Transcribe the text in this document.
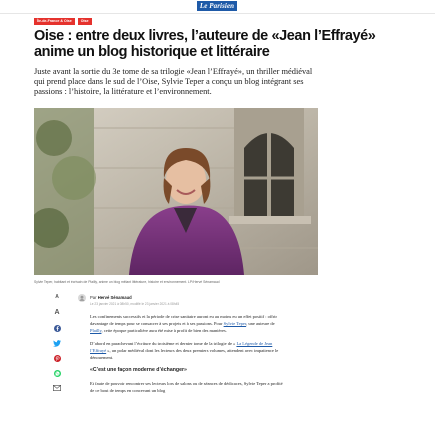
Le Parisien
Île-de-France & Oise	Oise
Oise : entre deux livres, l’auteure de «Jean l’Effrayé» anime un blog historique et littéraire

Juste avant la sortie du 3e tome de sa trilogie «Jean l’Effrayé», un thriller médiéval qui prend place dans le sud de l’Oise, Sylvie Teper a conçu un blog intégrant ses passions : l’histoire, la littérature et l’environnement.

Sylvie Teper, habitant et écrivain de Plailly, anime un blog mêlant littérature, histoire et environnement. LP/Hervé Sénamaud

A
A
Par Hervé Sénamaud
Le 23 janvier 2021 à 08h50, modifié le 23 janvier 2021 à 08h45

Les confinements successifs et la période de crise sanitaire auront eu au moins eu un effet positif : offrir davantage de temps pour se consacrer à ses projets et à ses passions. Pour Sylvie Teper, une auteure de Plailly, cette époque particulière aura été mise à profit de bien des manières.

D’abord en parachevant l’écriture du troisième et dernier tome de la trilogie de « La Légende de Jean l’Effrayé », un polar médiéval dont les lecteurs des deux premiers volumes, attendent avec impatience le dénouement.

«C’est une façon moderne d’échanger»

Et faute de pouvoir rencontrer ses lecteurs lors de salons ou de séances de dédicaces, Sylvie Teper a profité de ce bout de temps en concevant un blog
